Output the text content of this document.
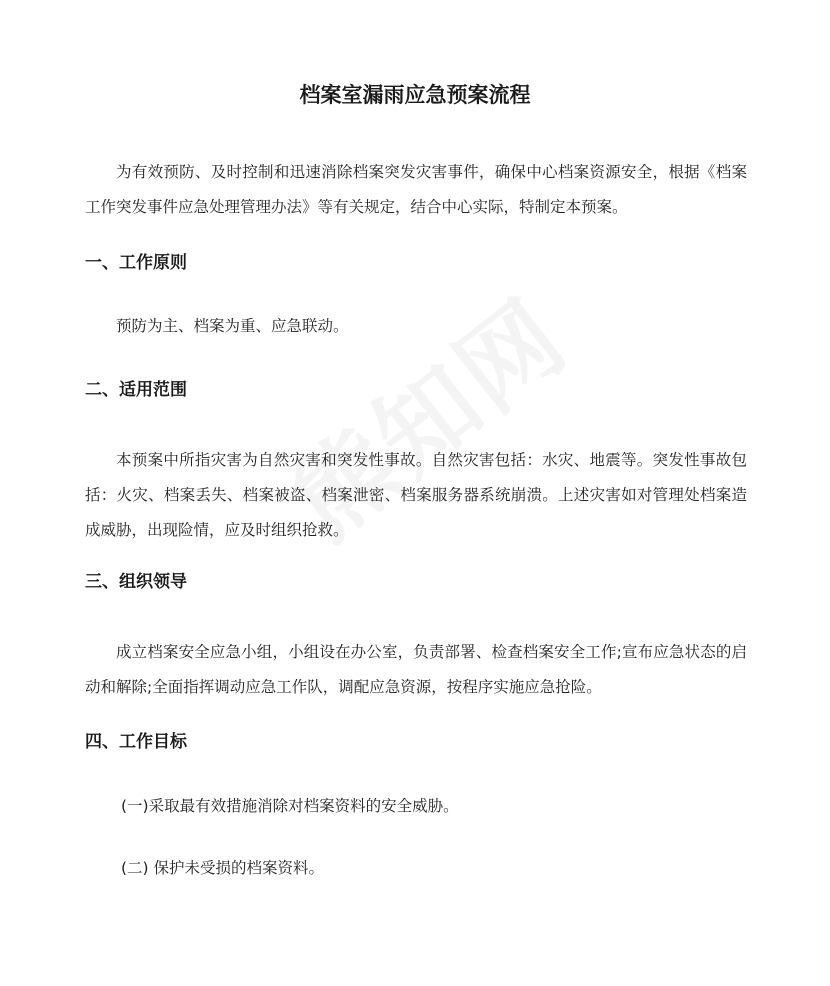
档案室漏雨应急预案流程

为有效预防、及时控制和迅速消除档案突发灾害事件，确保中心档案资源安全，根据《档案工作突发事件应急处理管理办法》等有关规定，结合中心实际，特制定本预案。

一、工作原则

预防为主、档案为重、应急联动。

二、适用范围

本预案中所指灾害为自然灾害和突发性事故。自然灾害包括：水灾、地震等。突发性事故包括：火灾、档案丢失、档案被盗、档案泄密、档案服务器系统崩溃。上述灾害如对管理处档案造成威胁，出现险情，应及时组织抢救。

三、组织领导

成立档案安全应急小组，小组设在办公室，负责部署、检查档案安全工作;宣布应急状态的启动和解除;全面指挥调动应急工作队，调配应急资源，按程序实施应急抢险。

四、工作目标

(一)采取最有效措施消除对档案资料的安全威胁。

(二) 保护未受损的档案资料。
